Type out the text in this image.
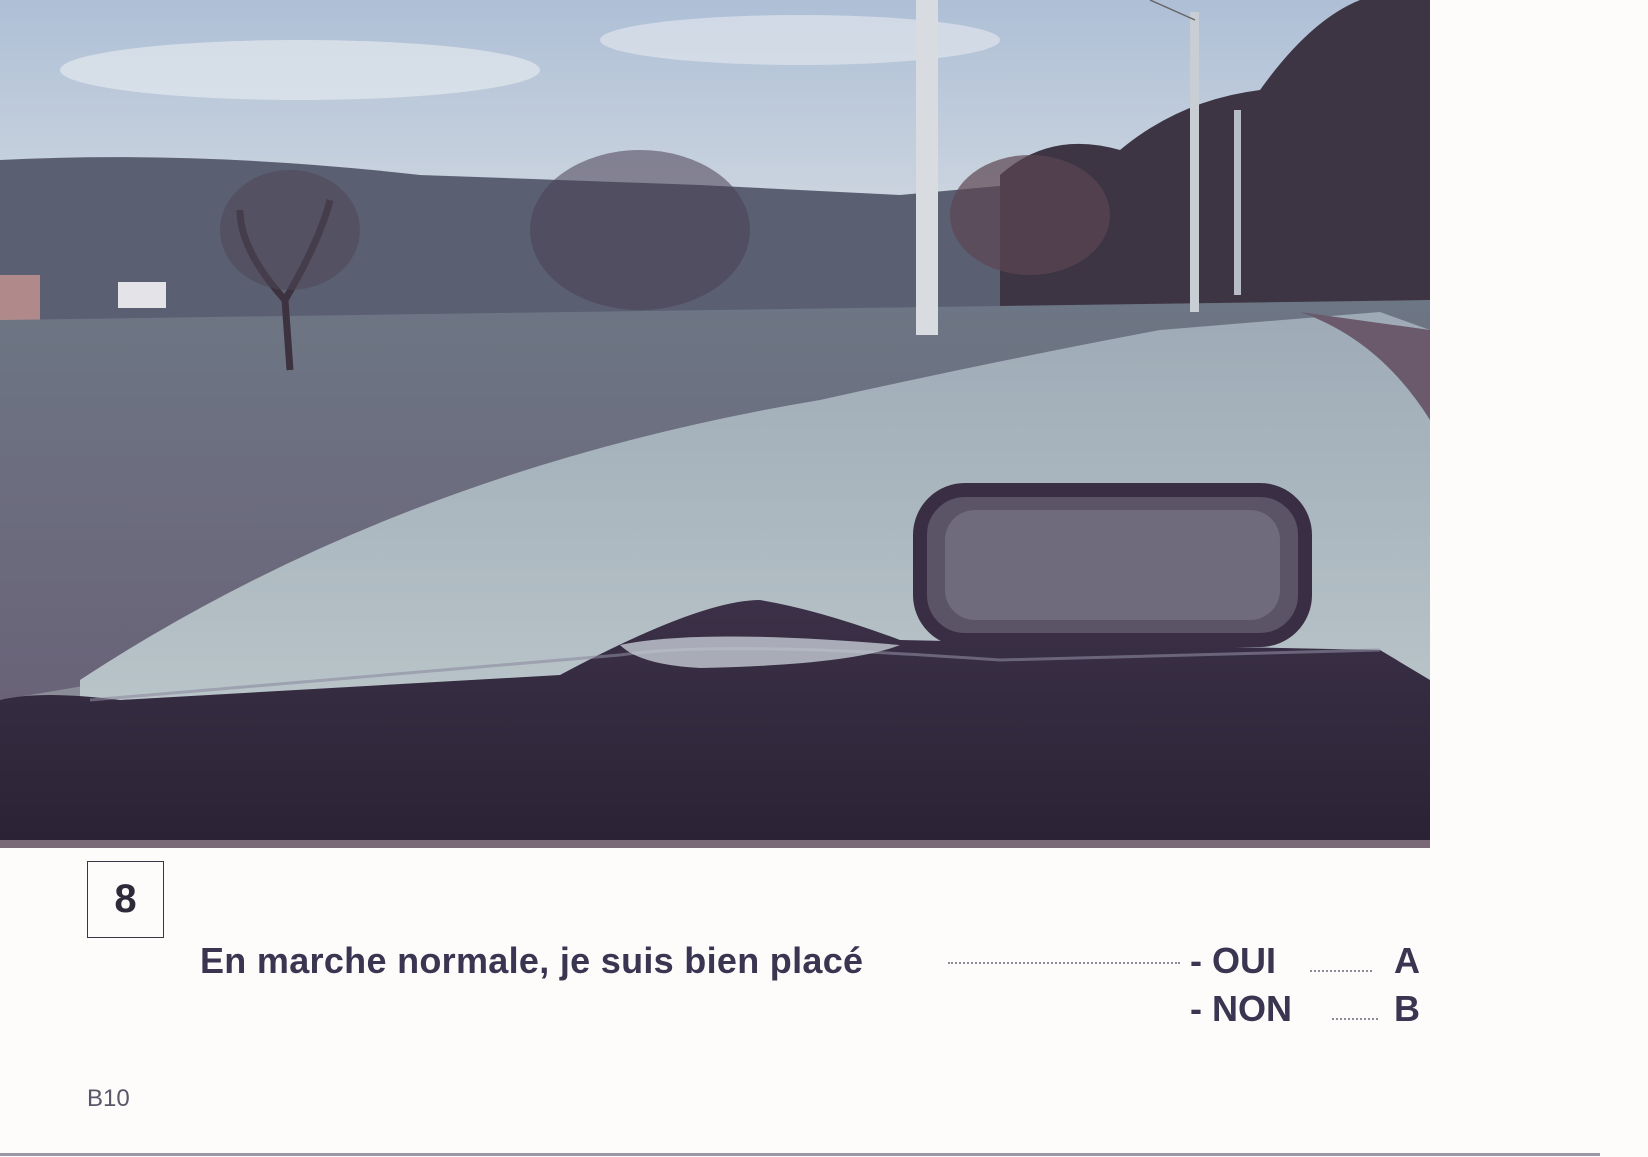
8
En marche normale, je suis bien placé	- OUI	A
- NON	B
B10
